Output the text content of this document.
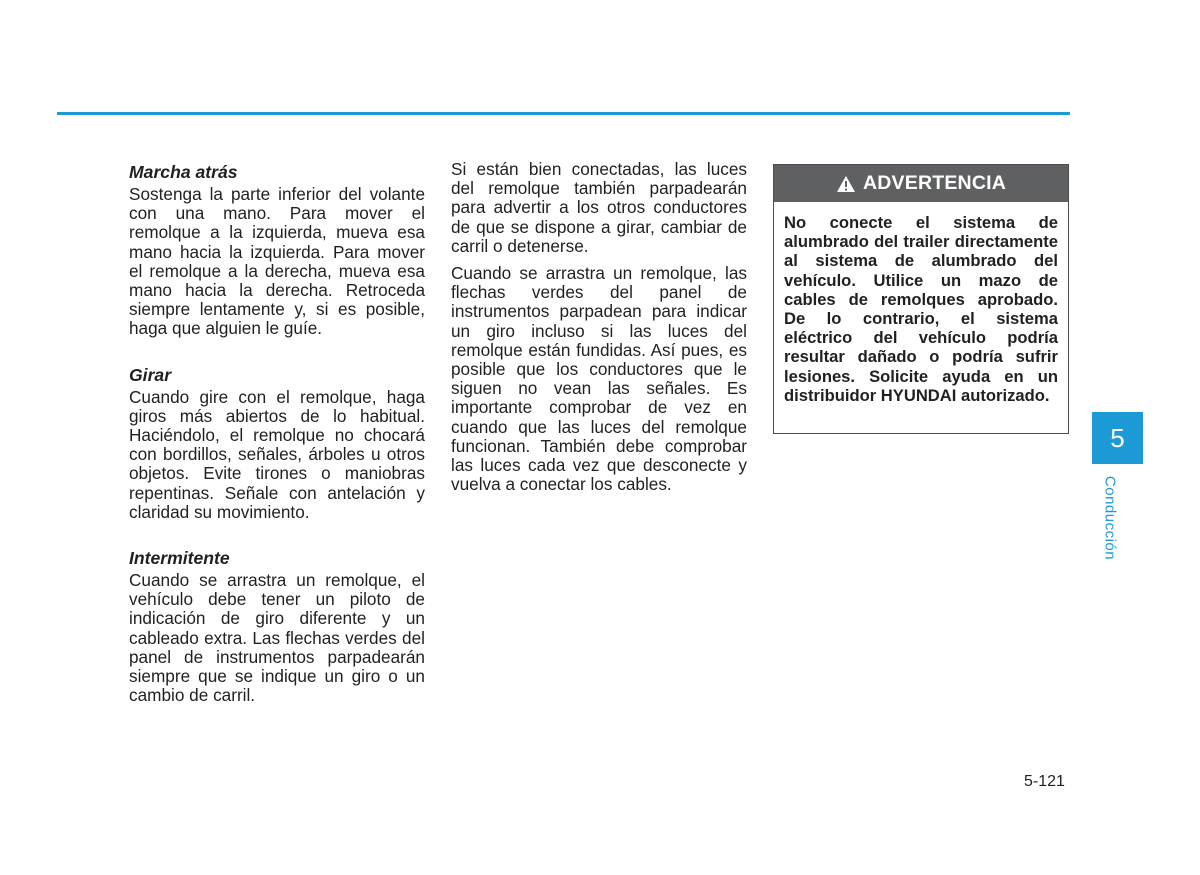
Marcha atrás

Sostenga la parte inferior del volante con una mano. Para mover el remolque a la izquierda, mueva esa mano hacia la izquierda. Para mover el remolque a la derecha, mueva esa mano hacia la derecha. Retroceda siempre lentamente y, si es posible, haga que alguien le guíe.

Girar

Cuando gire con el remolque, haga giros más abiertos de lo habitual. Haciéndolo, el remolque no chocará con bordillos, señales, árboles u otros objetos. Evite tirones o maniobras repentinas. Señale con antelación y claridad su movimiento.

Intermitente

Cuando se arrastra un remolque, el vehículo debe tener un piloto de indicación de giro diferente y un cableado extra. Las flechas verdes del panel de instrumentos parpadearán siempre que se indique un giro o un cambio de carril.

Si están bien conectadas, las luces del remolque también parpadearán para advertir a los otros conductores de que se dispone a girar, cambiar de carril o detenerse.

Cuando se arrastra un remolque, las flechas verdes del panel de instrumentos parpadean para indicar un giro incluso si las luces del remolque están fundidas. Así pues, es posible que los conductores que le siguen no vean las señales. Es importante comprobar de vez en cuando que las luces del remolque funcionan. También debe comprobar las luces cada vez que desconecte y vuelva a conectar los cables.

ADVERTENCIA
No conecte el sistema de alumbrado del trailer directamente al sistema de alumbrado del vehículo. Utilice un mazo de cables de remolques aprobado. De lo contrario, el sistema eléctrico del vehículo podría resultar dañado o podría sufrir lesiones. Solicite ayuda en un distribuidor HYUNDAI autorizado.
5
Conducción
5-121
